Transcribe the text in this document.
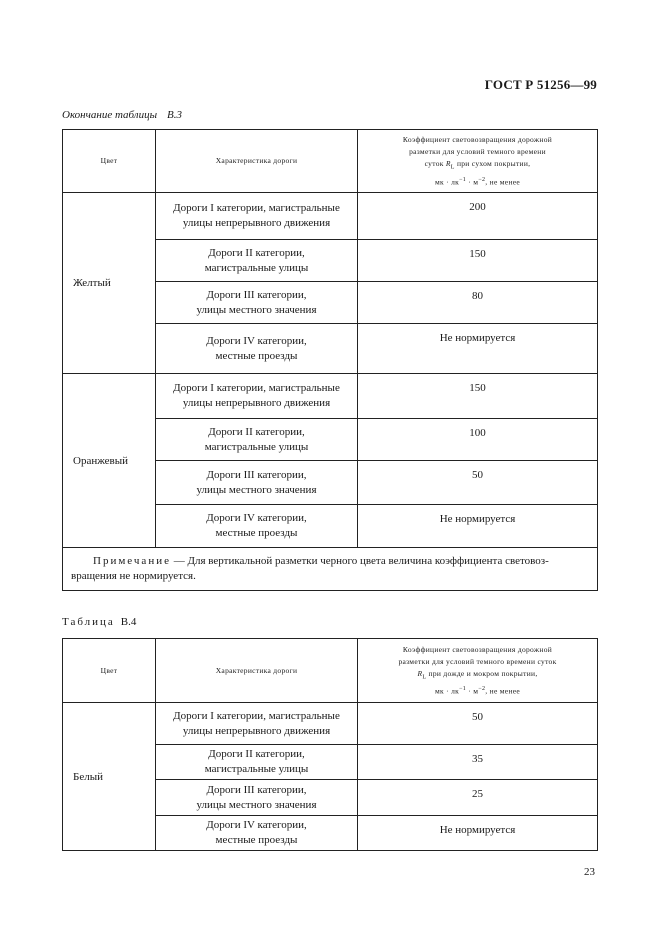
ГОСТ Р 51256—99
Окончание таблицы В.3
Цвет	Характеристика дороги	Коэффициент световозвращения дорожной
разметки для условий темного времени
суток $R_L$ при сухом покрытии,
мк · $лк^{-1} \cdot м^{-2}$, не менее
Желтый	Дороги I категории, магистральные
улицы непрерывного движения	200
	Дороги II категории,
магистральные улицы	150
	Дороги III категории,
улицы местного значения	80
	Дороги IV категории,
местные проезды	Не нормируется
Оранжевый	Дороги I категории, магистральные
улицы непрерывного движения	150
	Дороги II категории,
магистральные улицы	100
	Дороги III категории,
улицы местного значения	50
	Дороги IV категории,
местные проезды	Не нормируется
Примечание — Для вертикальной разметки черного цвета величина коэффициента световоз-
вращения не нормируется.		
Таблица В.4
Цвет	Характеристика дороги	Коэффициент световозвращения дорожной
разметки для условий темного времени суток
$R_L$ при дожде и мокром покрытии,
мк · $лк^{-1} \cdot м^{-2}$, не менее
Белый	Дороги I категории, магистральные
улицы непрерывного движения	50
	Дороги II категории,
магистральные улицы	35
	Дороги III категории,
улицы местного значения	25
	Дороги IV категории,
местные проезды	Не нормируется
23
